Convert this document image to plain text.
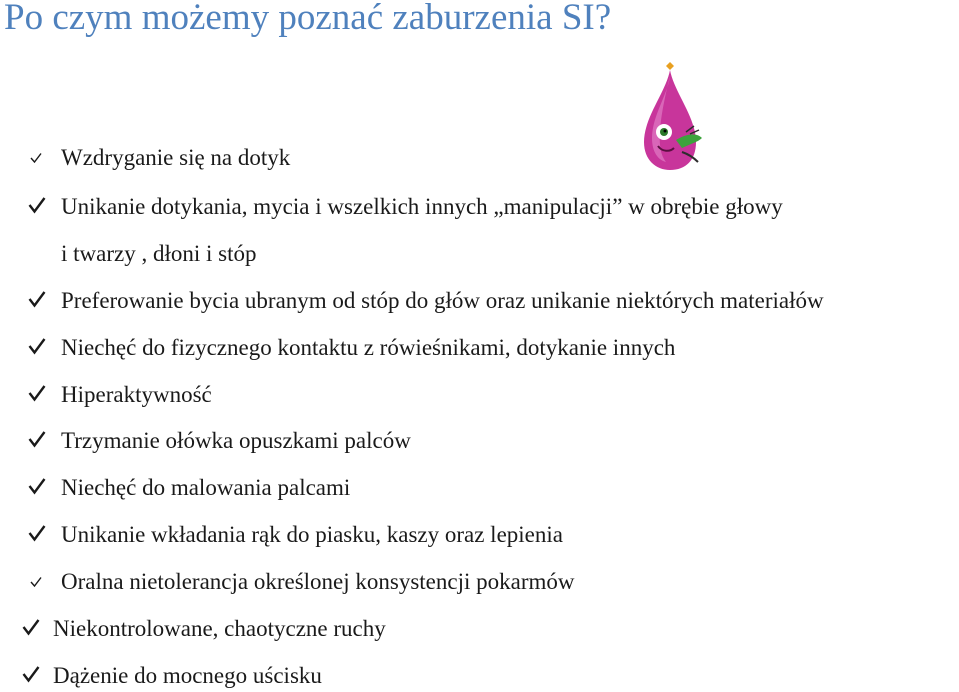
Po czym możemy poznać zaburzenia SI?
Wzdryganie się na dotyk
Unikanie dotykania, mycia i wszelkich innych „manipulacji” w obrębie głowy
i twarzy , dłoni i stóp
Preferowanie bycia ubranym od stóp do głów oraz unikanie niektórych materiałów
Niechęć do fizycznego kontaktu z rówieśnikami, dotykanie innych
Hiperaktywność
Trzymanie ołówka opuszkami palców
Niechęć do malowania palcami
Unikanie wkładania rąk do piasku, kaszy oraz lepienia
Oralna nietolerancja określonej konsystencji pokarmów
Niekontrolowane, chaotyczne ruchy
Dążenie do mocnego uścisku
